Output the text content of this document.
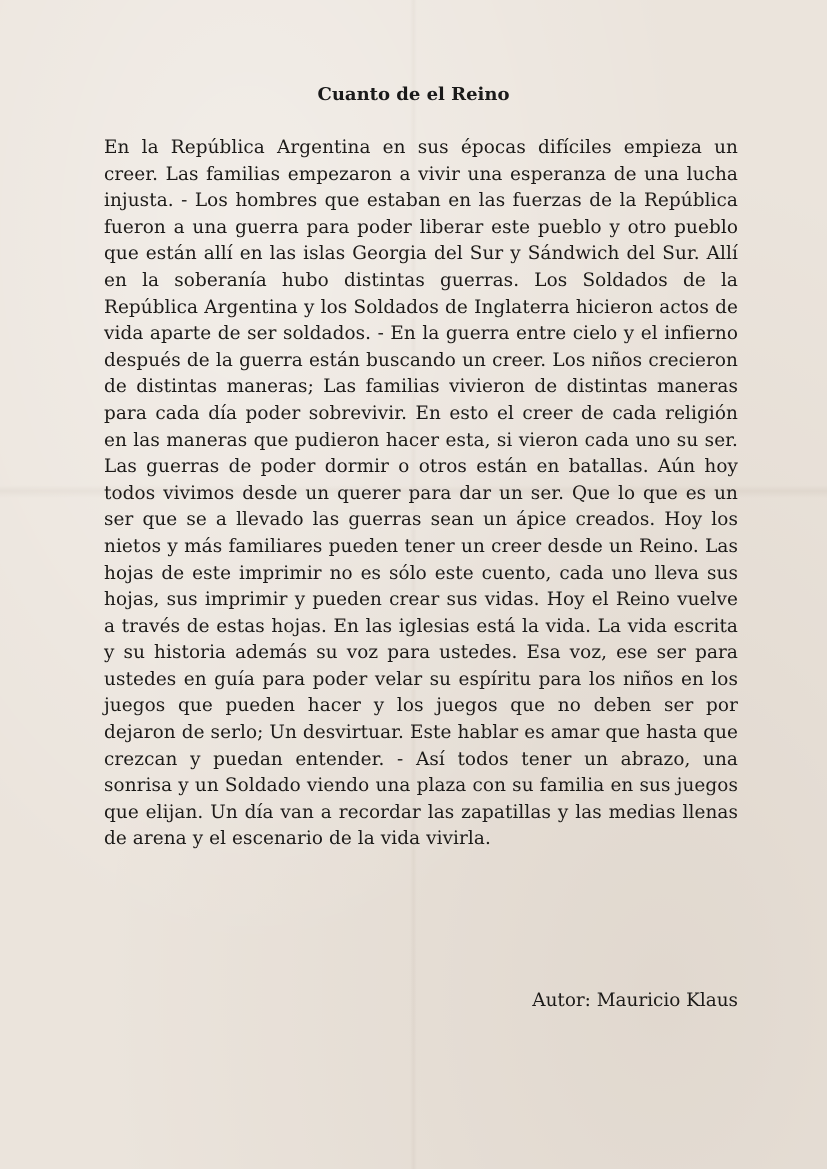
Cuanto de el Reino

En la República Argentina en sus épocas difíciles empieza un creer. Las familias empezaron a vivir una esperanza de una lucha injusta. - Los hombres que estaban en las fuerzas de la República fueron a una guerra para poder liberar este pueblo y otro pueblo que están allí en las islas Georgia del Sur y Sándwich del Sur. Allí en la soberanía hubo distintas guerras. Los Soldados de la República Argentina y los Soldados de Inglaterra hicieron actos de vida aparte de ser soldados. - En la guerra entre cielo y el infierno después de la guerra están buscando un creer. Los niños crecieron de distintas maneras; Las familias vivieron de distintas maneras para cada día poder sobrevivir. En esto el creer de cada religión en las maneras que pudieron hacer esta, si vieron cada uno su ser. Las guerras de poder dormir o otros están en batallas. Aún hoy todos vivimos desde un querer para dar un ser. Que lo que es un ser que se a llevado las guerras sean un ápice creados. Hoy los nietos y más familiares pueden tener un creer desde un Reino. Las hojas de este imprimir no es sólo este cuento, cada uno lleva sus hojas, sus imprimir y pueden crear sus vidas. Hoy el Reino vuelve a través de estas hojas. En las iglesias está la vida. La vida escrita y su historia además su voz para ustedes. Esa voz, ese ser para ustedes en guía para poder velar su espíritu para los niños en los juegos que pueden hacer y los juegos que no deben ser por dejaron de serlo; Un desvirtuar. Este hablar es amar que hasta que crezcan y puedan entender. - Así todos tener un abrazo, una sonrisa y un Soldado viendo una plaza con su familia en sus juegos que elijan. Un día van a recordar las zapatillas y las medias llenas de arena y el escenario de la vida vivirla.

Autor: Mauricio Klaus
